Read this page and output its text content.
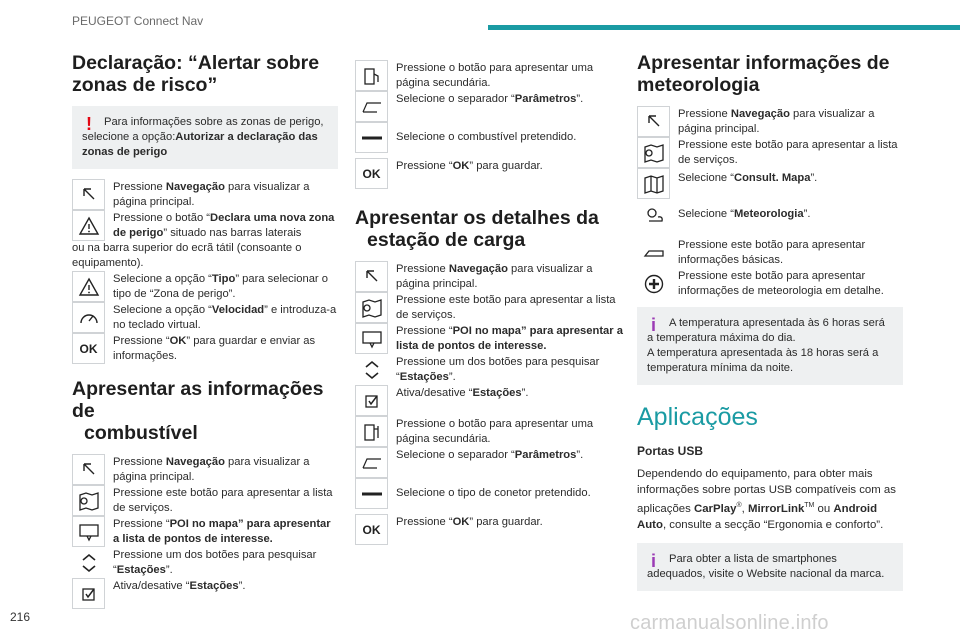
PEUGEOT Connect Nav
Declaração: “Alertar sobre
zonas de risco”
!	Para informações sobre as zonas de perigo, selecione a opção:Autorizar a declaração das zonas de perigo
Pressione Navegação para visualizar a página principal.
Pressione o botão “Declara uma nova zona de perigo” situado nas barras laterais
ou na barra superior do ecrã tátil (consoante o equipamento).
Selecione a opção “Tipo” para selecionar o tipo de “Zona de perigo”.
Selecione a opção “Velocidad” e introduza-a no teclado virtual.
OK
Pressione “OK” para guardar e enviar as informações.
Apresentar as informações de
combustível
Pressione Navegação para visualizar a página principal.
Pressione este botão para apresentar a lista de serviços.
Pressione “POI no mapa” para apresentar a lista de pontos de interesse.
Pressione um dos botões para pesquisar “Estações”.
Ativa/desative “Estações”.
Pressione o botão para apresentar uma página secundária.
Selecione o separador “Parâmetros”.
Selecione o combustível pretendido.
OK
Pressione “OK” para guardar.
Apresentar os detalhes da
estação de carga
Pressione Navegação para visualizar a página principal.
Pressione este botão para apresentar a lista de serviços.
Pressione “POI no mapa” para apresentar a lista de pontos de interesse.
Pressione um dos botões para pesquisar “Estações”.
Ativa/desative “Estações”.
Pressione o botão para apresentar uma página secundária.
Selecione o separador “Parâmetros”.
Selecione o tipo de conetor pretendido.
OK
Pressione “OK” para guardar.
Apresentar informações de
meteorologia
Pressione Navegação para visualizar a página principal.
Pressione este botão para apresentar a lista de serviços.
Selecione “Consult. Mapa”.
Selecione “Meteorologia”.
Pressione este botão para apresentar informações básicas.
Pressione este botão para apresentar informações de meteorologia em detalhe.
i	A temperatura apresentada às 6 horas será a temperatura máxima do dia.
A temperatura apresentada às 18 horas será a temperatura mínima da noite.
Aplicações
Portas USB
Dependendo do equipamento, para obter mais informações sobre portas USB compatíveis com as aplicações CarPlay®, MirrorLink™ ou Android Auto, consulte a secção “Ergonomia e conforto”.
i	Para obter a lista de smartphones adequados, visite o Website nacional da marca.
216	carmanualsonline.info
